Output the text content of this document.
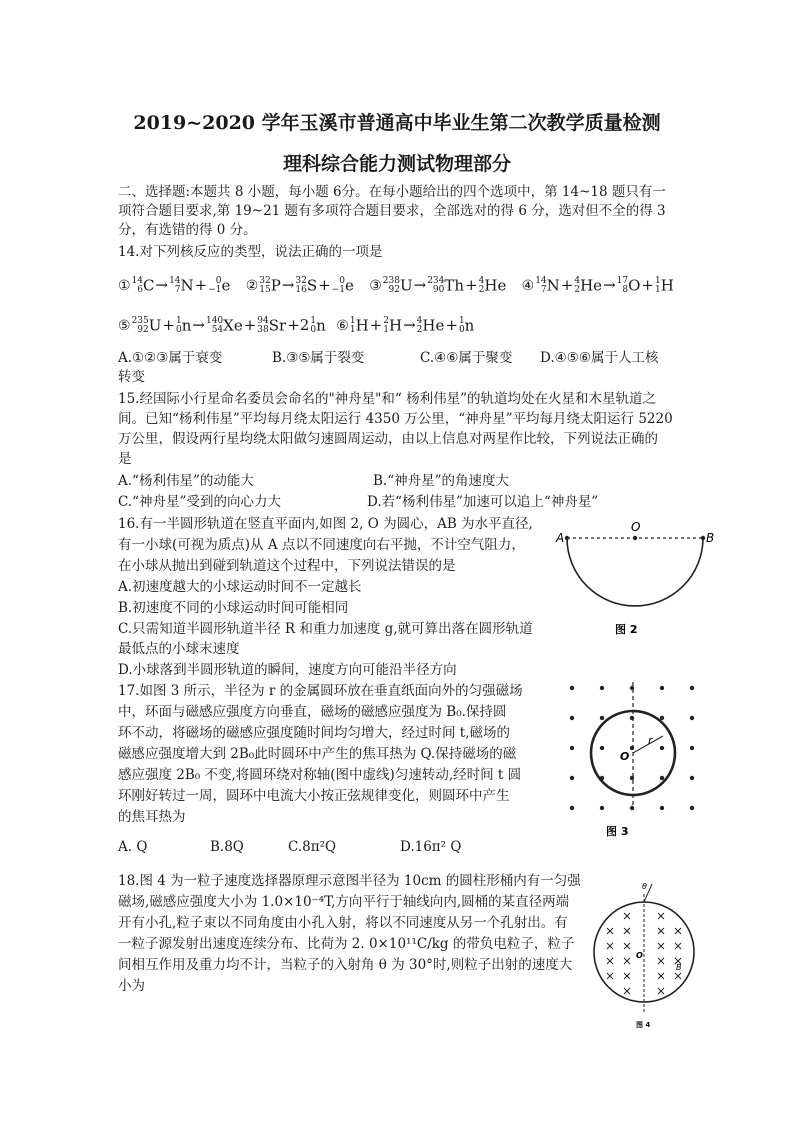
2019~2020 学年玉溪市普通高中毕业生第二次教学质量检测
理科综合能力测试物理部分
二、选择题:本题共 8 小题，每小题 6分。在每小题给出的四个选项中，第 14~18 题只有一
项符合题目要求,第 19~21 题有多项符合题目要求，全部选对的得 6 分，选对但不全的得 3
分，有选错的得 0 分。
14.对下列核反应的类型，说法正确的一项是
① 14
6 C→ 14
7 N+ 0
−1 e ② 32
15 P→ 32
16 S+ 0
−1 e ③ 238
92 U→ 234
90 Th+ 4
2 He ④ 14
7 N+ 4
2 He→ 17
8 O+ 1
1 H
⑤ 235
92 U+ 1
0 n→ 140
54 Xe+ 94
38 Sr+2 1
0 n ⑥ 1
1 H+ 2
1 H→ 4
2 He+ 1
0 n
A.①②③属于衰变	B.③⑤属于裂变	C.④⑥属于聚变 D.④⑤⑥属于人工核
转变
15.经国际小行星命名委员会命名的"神舟星"和“ 杨利伟星”的轨道均处在火星和木星轨道之
间。已知“杨利伟星”平均每月绕太阳运行 4350 万公里，“神舟星”平均每月绕太阳运行 5220
万公里，假设两行星均绕太阳做匀速圆周运动，由以上信息对两星作比较，下列说法正确的
是
A.“杨利伟星”的动能大	B.“神舟星”的角速度大
C.“神舟星”受到的向心力大	D.若“杨利伟星”加速可以追上“神舟星”
16.有一半圆形轨道在竖直平面内,如图 2, O 为圆心，AB 为水平直径,
有一小球(可视为质点)从 A 点以不同速度向右平抛，不计空气阻力，
在小球从抛出到碰到轨道这个过程中，下列说法错误的是
A.初速度越大的小球运动时间不一定越长
B.初速度不同的小球运动时间可能相同
C.只需知道半圆形轨道半径 R 和重力加速度 g,就可算出落在圆形轨道
最低点的小球末速度
D.小球落到半圆形轨道的瞬间，速度方向可能沿半径方向
A
O
B
图 2
17.如图 3 所示，半径为 r 的金属圆环放在垂直纸面向外的匀强磁场
中，环面与磁感应强度方向垂直，磁场的磁感应强度为 B₀.保持圆
环不动，将磁场的磁感应强度随时间均匀增大，经过时间 t,磁场的
磁感应强度增大到 2B₀此时圆环中产生的焦耳热为 Q.保持磁场的磁
感应强度 2B₀ 不变,将圆环绕对称轴(图中虚线)匀速转动,经时间 t 圆
环刚好转过一周，圆环中电流大小按正弦规律变化，则圆环中产生
的焦耳热为
A. Q	B.8Q	C.8π²Q	D.16π² Q
O
r
图 3
18.图 4 为一粒子速度选择器原理示意图半径为 10cm 的圆柱形桶内有一匀强
磁场,磁感应强度大小为 1.0×10⁻⁴T,方向平行于轴线向内,圆桶的某直径两端
开有小孔,粒子束以不同角度由小孔入射，将以不同速度从另一个孔射出。有
一粒子源发射出速度连续分布、比荷为 2. 0×10¹¹C/kg 的带负电粒子，粒子
间相互作用及重力均不计，当粒子的入射角 θ 为 30°时,则粒子出射的速度大
小为
θ
O
B
图 4
